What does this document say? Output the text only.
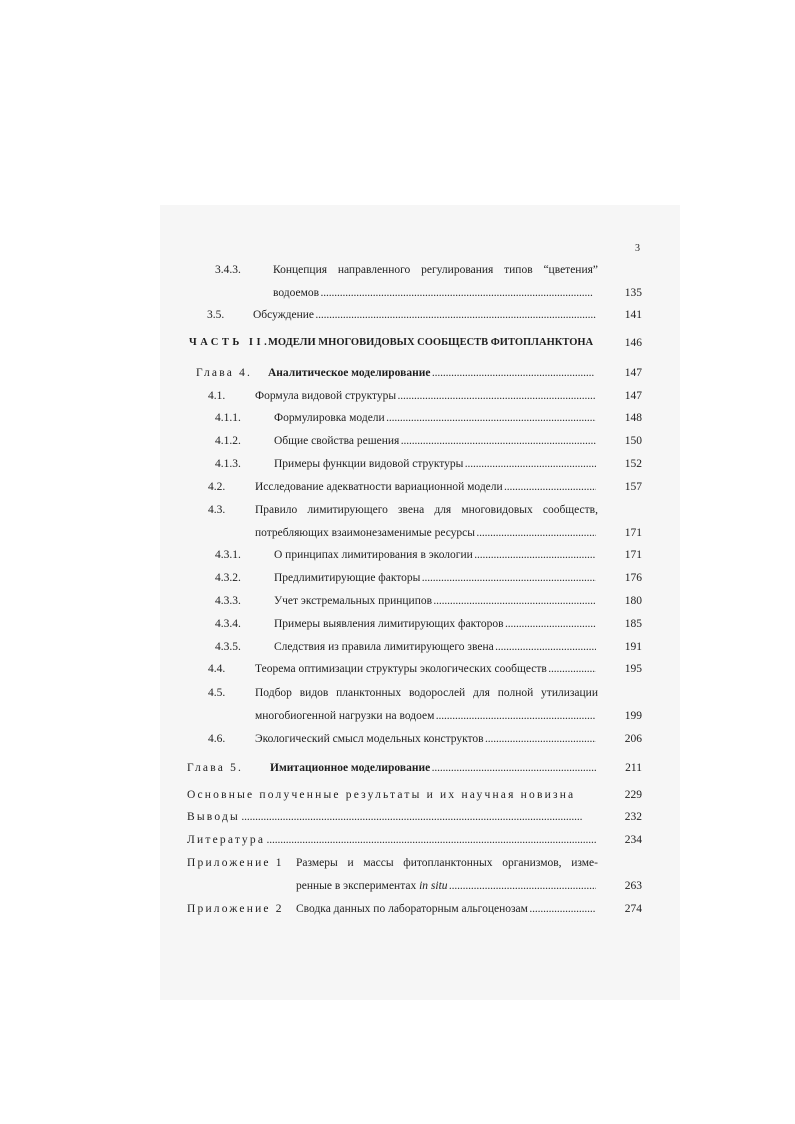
3
3.4.3.	Концепция направленного регулирования типов “цветения”
водоемов . . .	135
3.5.	Обсуждение . . .	141
ЧАСТЬ II.
МОДЕЛИ МНОГОВИДОВЫХ СООБЩЕСТВ ФИТОПЛАНКТОНА	146
Глава 4. Аналитическое моделирование . . .	147
4.1.	Формула видовой структуры . . .	147
4.1.1.	Формулировка модели . . .	148
4.1.2.	Общие свойства решения . . .	150
4.1.3.	Примеры функции видовой структуры . . .	152
4.2.	Исследование адекватности вариационной модели . . .	157
4.3.	Правило лимитирующего звена для многовидовых сообществ,
потребляющих взаимонезаменимые ресурсы . . .	171
4.3.1.	О принципах лимитирования в экологии . . .	171
4.3.2.	Предлимитирующие факторы . . .	176
4.3.3.	Учет экстремальных принципов . . .	180
4.3.4.	Примеры выявления лимитирующих факторов . . .	185
4.3.5.	Следствия из правила лимитирующего звена . . .	191
4.4.	Теорема оптимизации структуры экологических сообществ . . .	195
4.5.	Подбор видов планктонных водорослей для полной утилизации
многобиогенной нагрузки на водоем . . .	199
4.6.	Экологический смысл модельных конструктов . . .	206
Глава 5. Имитационное моделирование . . .	211
Основные полученные результаты и их научная новизна	229
Выводы . . .	232
Литература . . .	234
Приложение 1 Размеры и массы фитопланктонных организмов, изме-
ренные в экспериментах in situ . . .	263
Приложение 2 Сводка данных по лабораторным альгоценозам . . .	274
